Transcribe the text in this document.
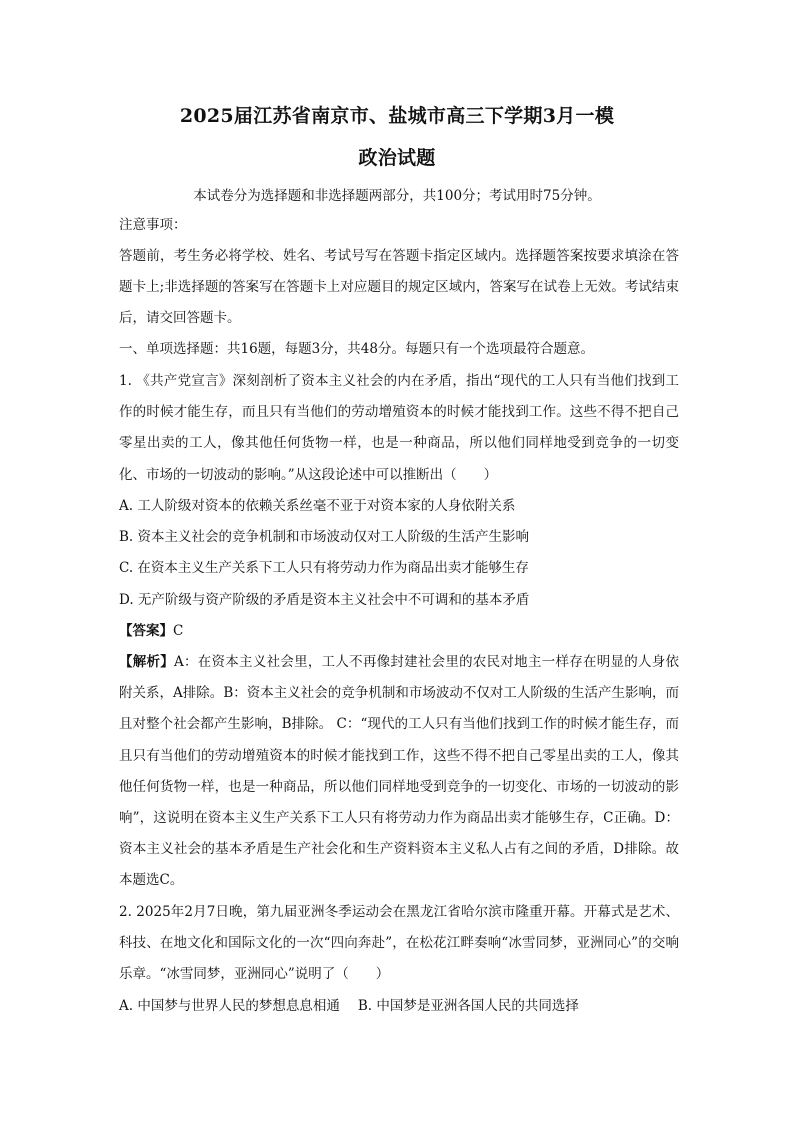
2025届江苏省南京市、盐城市高三下学期3月一模
政治试题
本试卷分为选择题和非选择题两部分，共100分；考试用时75分钟。

注意事项：

答题前，考生务必将学校、姓名、考试号写在答题卡指定区域内。选择题答案按要求填涂在答题卡上;非选择题的答案写在答题卡上对应题目的规定区域内，答案写在试卷上无效。考试结束后，请交回答题卡。

一、单项选择题：共16题，每题3分，共48分。每题只有一个选项最符合题意。

1. 《共产党宣言》深刻剖析了资本主义社会的内在矛盾，指出“现代的工人只有当他们找到工作的时候才能生存，而且只有当他们的劳动增殖资本的时候才能找到工作。这些不得不把自己零星出卖的工人，像其他任何货物一样，也是一种商品，所以他们同样地受到竞争的一切变化、市场的一切波动的影响。”从这段论述中可以推断出（　　）

A. 工人阶级对资本的依赖关系丝毫不亚于对资本家的人身依附关系

B. 资本主义社会的竞争机制和市场波动仅对工人阶级的生活产生影响

C. 在资本主义生产关系下工人只有将劳动力作为商品出卖才能够生存

D. 无产阶级与资产阶级的矛盾是资本主义社会中不可调和的基本矛盾

【答案】C

【解析】A：在资本主义社会里，工人不再像封建社会里的农民对地主一样存在明显的人身依附关系，A排除。B：资本主义社会的竞争机制和市场波动不仅对工人阶级的生活产生影响，而且对整个社会都产生影响，B排除。 C：“现代的工人只有当他们找到工作的时候才能生存，而且只有当他们的劳动增殖资本的时候才能找到工作，这些不得不把自己零星出卖的工人，像其他任何货物一样，也是一种商品，所以他们同样地受到竞争的一切变化、市场的一切波动的影响”，这说明在资本主义生产关系下工人只有将劳动力作为商品出卖才能够生存，C正确。D：资本主义社会的基本矛盾是生产社会化和生产资料资本主义私人占有之间的矛盾，D排除。故本题选C。

2. 2025年2月7日晚，第九届亚洲冬季运动会在黑龙江省哈尔滨市隆重开幕。开幕式是艺术、科技、在地文化和国际文化的一次“四向奔赴”，在松花江畔奏响“冰雪同梦，亚洲同心”的交响乐章。“冰雪同梦，亚洲同心”说明了（　　）

A. 中国梦与世界人民的梦想息息相通 B. 中国梦是亚洲各国人民的共同选择
